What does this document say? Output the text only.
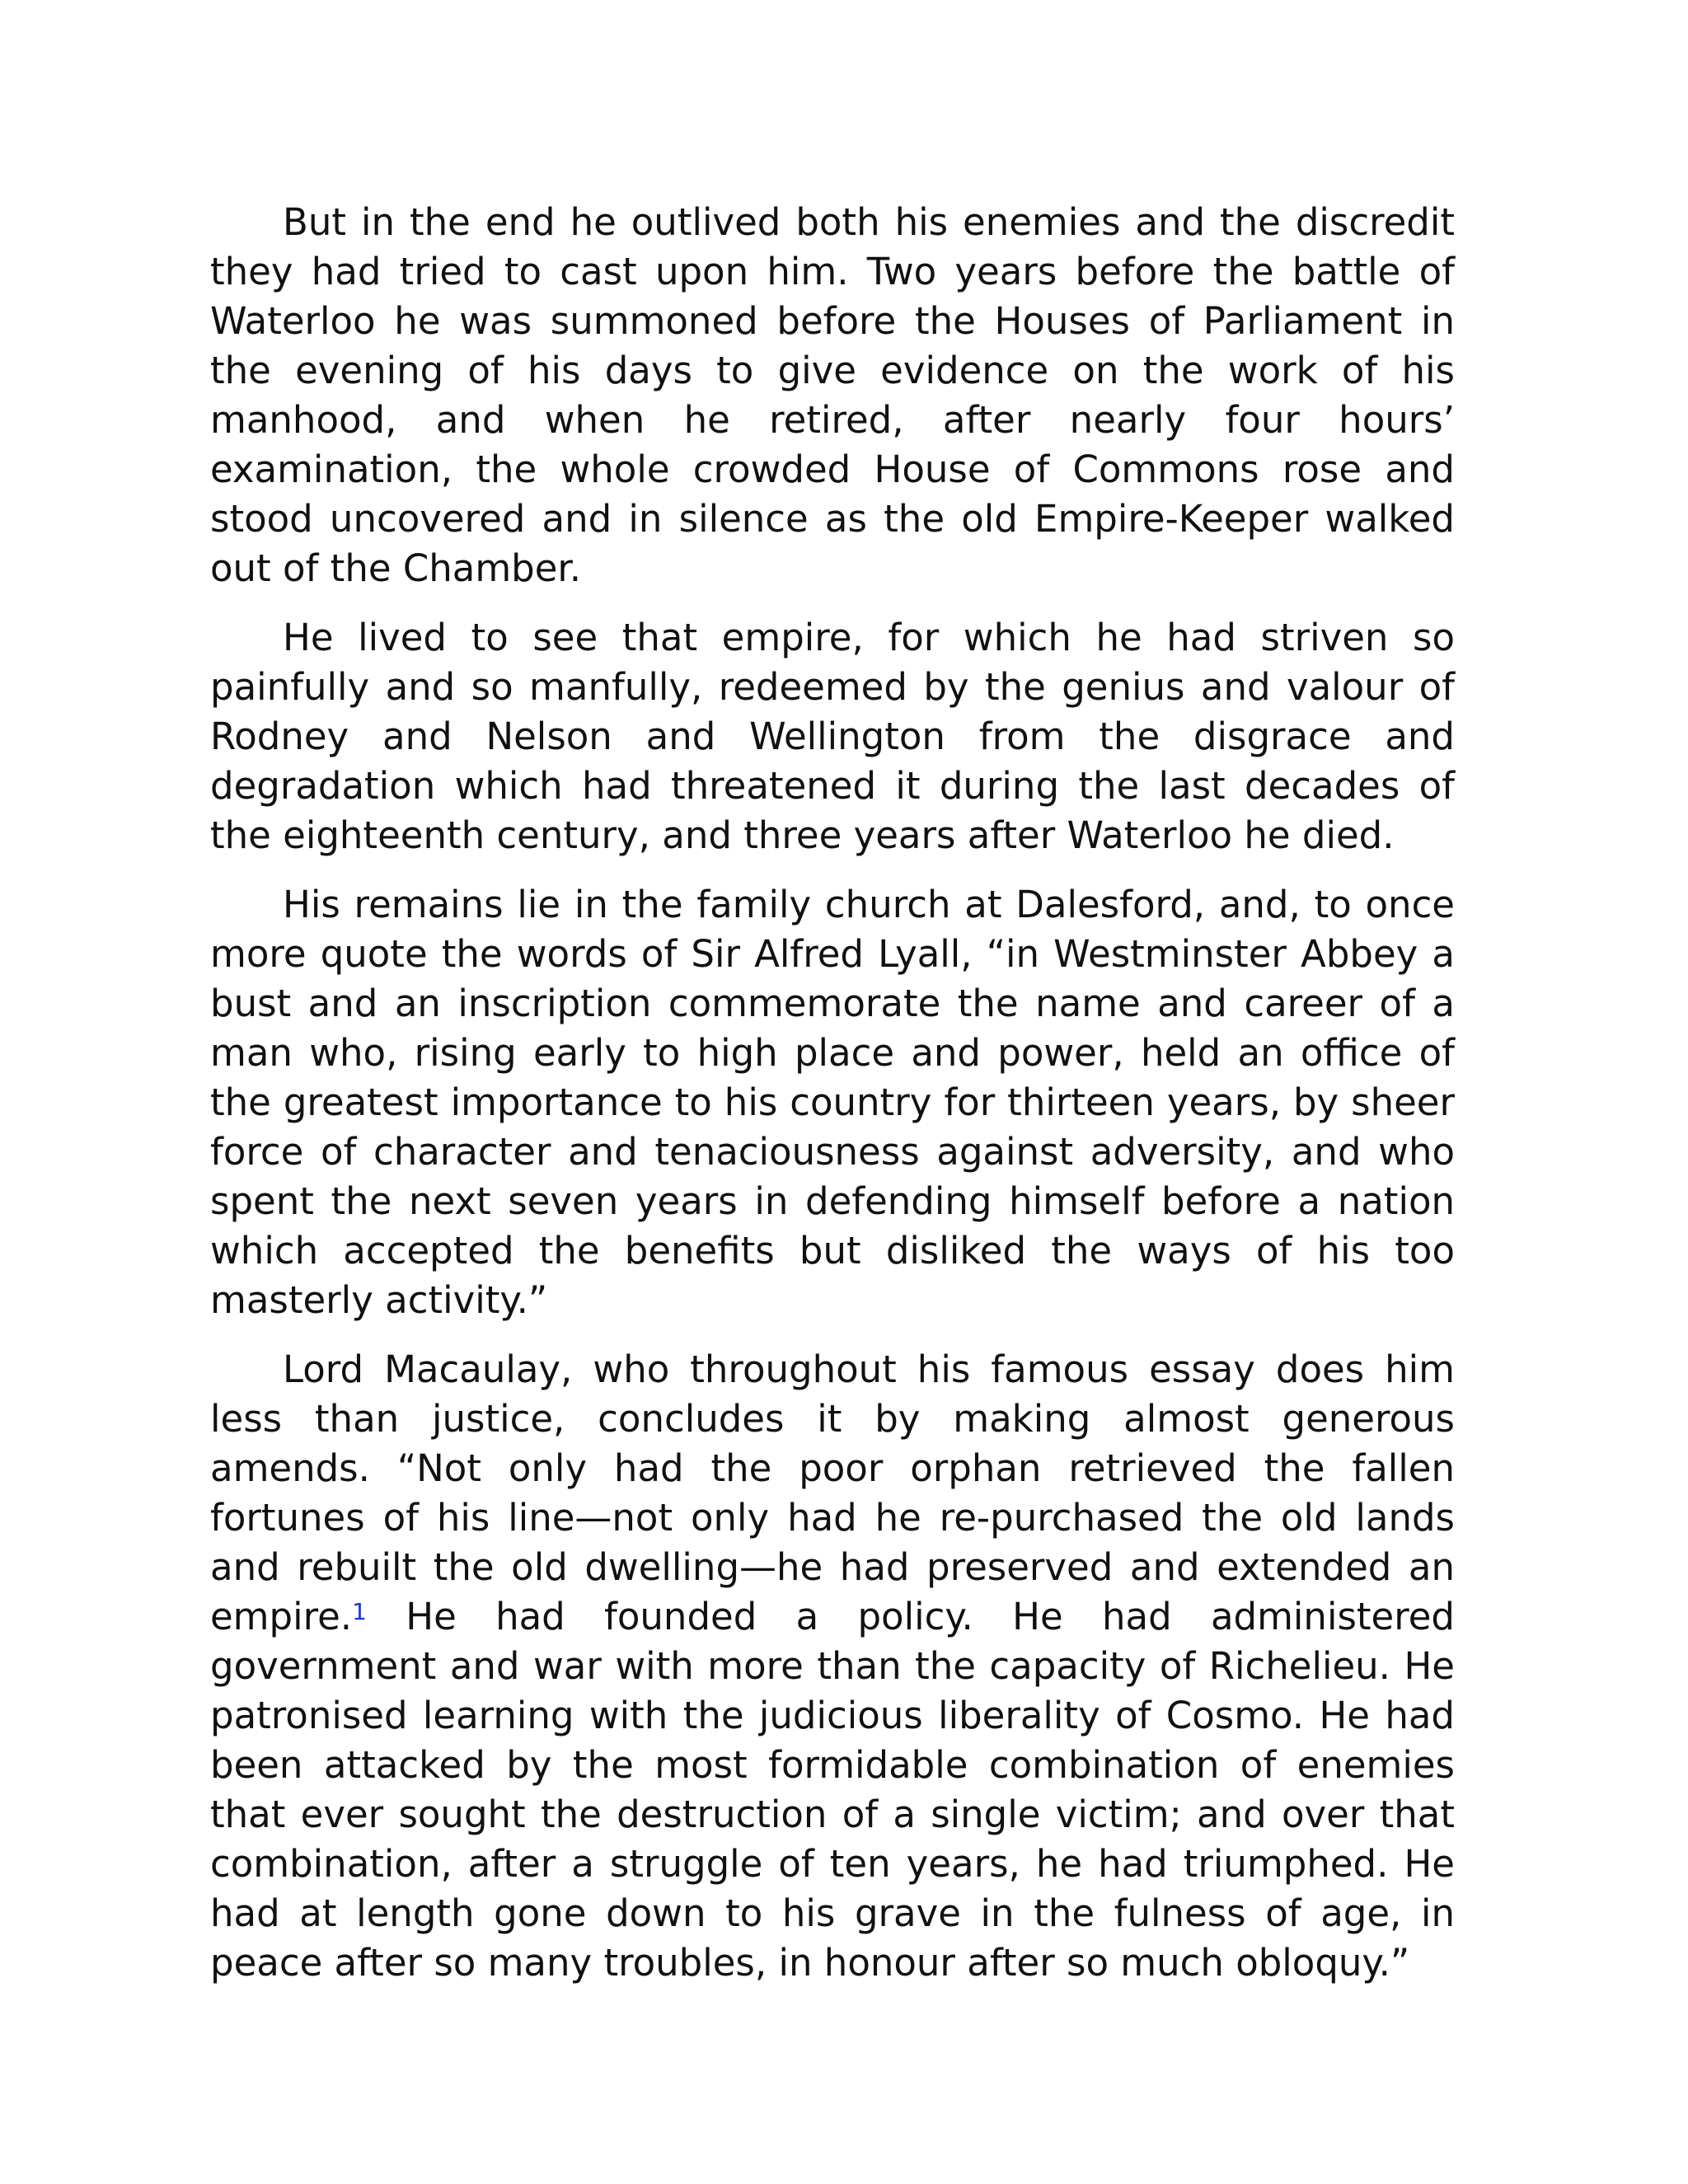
But in the end he outlived both his enemies and the discredit they had tried to cast upon him. Two years before the battle of Waterloo he was summoned before the Houses of Parliament in the evening of his days to give evidence on the work of his manhood, and when he retired, after nearly four hours’ examination, the whole crowded House of Commons rose and stood uncovered and in silence as the old Empire-Keeper walked out of the Chamber.

He lived to see that empire, for which he had striven so painfully and so manfully, redeemed by the genius and valour of Rodney and Nelson and Wellington from the disgrace and degradation which had threatened it during the last decades of the eighteenth century, and three years after Waterloo he died.

His remains lie in the family church at Dalesford, and, to once more quote the words of Sir Alfred Lyall, “in Westminster Abbey a bust and an inscription commemorate the name and career of a man who, rising early to high place and power, held an office of the greatest importance to his country for thirteen years, by sheer force of character and tenaciousness against adversity, and who spent the next seven years in defending himself before a nation which accepted the benefits but disliked the ways of his too masterly activity.”

Lord Macaulay, who throughout his famous essay does him less than justice, concludes it by making almost generous amends. “Not only had the poor orphan retrieved the fallen fortunes of his line—not only had he re-purchased the old lands and rebuilt the old dwelling—he had preserved and extended an empire.$^1$ He had founded a policy. He had administered government and war with more than the capacity of Richelieu. He patronised learning with the judicious liberality of Cosmo. He had been attacked by the most formidable combination of enemies that ever sought the destruction of a single victim; and over that combination, after a struggle of ten years, he had triumphed. He had at length gone down to his grave in the fulness of age, in peace after so many troubles, in honour after so much obloquy.”
